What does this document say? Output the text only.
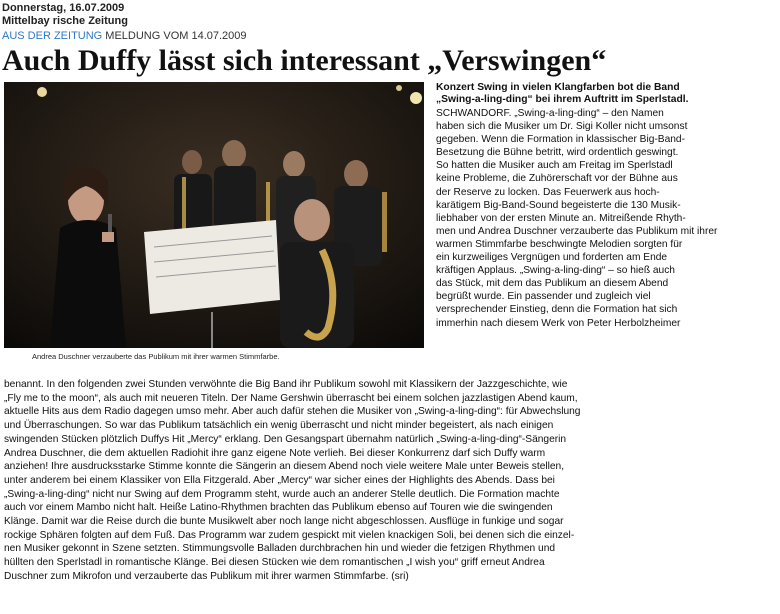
Donnerstag, 16.07.2009
Mittelbay rische Zeitung
AUS DER ZEITUNG MELDUNG VOM 14.07.2009
Auch Duffy lässt sich interessant „Verswingen“
Andrea Duschner verzauberte das Publikum mit ihrer warmen Stimmfarbe.
Konzert Swing in vielen Klangfarben bot die Band
„Swing-a-ling-ding“ bei ihrem Auftritt im Sperlstadl.

SCHWANDORF. „Swing-a-ling-ding“ – den Namen

haben sich die Musiker um Dr. Sigi Koller nicht umsonst

gegeben. Wenn die Formation in klassischer Big-Band-

Besetzung die Bühne betritt, wird ordentlich geswingt.

So hatten die Musiker auch am Freitag im Sperlstadl

keine Probleme, die Zuhörerschaft vor der Bühne aus

der Reserve zu locken. Das Feuerwerk aus hoch-

karätigem Big-Band-Sound begeisterte die 130 Musik-

liebhaber von der ersten Minute an. Mitreißende Rhyth-

men und Andrea Duschner verzauberte das Publikum mit ihrer

warmen Stimmfarbe beschwingte Melodien sorgten für

ein kurzweiliges Vergnügen und forderten am Ende

kräftigen Applaus. „Swing-a-ling-ding“ – so hieß auch

das Stück, mit dem das Publikum an diesem Abend

begrüßt wurde. Ein passender und zugleich viel

versprechender Einstieg, denn die Formation hat sich

immerhin nach diesem Werk von Peter Herbolzheimer

benannt. In den folgenden zwei Stunden verwöhnte die Big Band ihr Publikum sowohl mit Klassikern der Jazzgeschichte, wie

„Fly me to the moon“, als auch mit neueren Titeln. Der Name Gershwin überrascht bei einem solchen jazzlastigen Abend kaum,

aktuelle Hits aus dem Radio dagegen umso mehr. Aber auch dafür stehen die Musiker von „Swing-a-ling-ding“: für Abwechslung

und Überraschungen. So war das Publikum tatsächlich ein wenig überrascht und nicht minder begeistert, als nach einigen

swingenden Stücken plötzlich Duffys Hit „Mercy“ erklang. Den Gesangspart übernahm natürlich „Swing-a-ling-ding“-Sängerin

Andrea Duschner, die dem aktuellen Radiohit ihre ganz eigene Note verlieh. Bei dieser Konkurrenz darf sich Duffy warm

anziehen! Ihre ausdrucksstarke Stimme konnte die Sängerin an diesem Abend noch viele weitere Male unter Beweis stellen,

unter anderem bei einem Klassiker von Ella Fitzgerald. Aber „Mercy“ war sicher eines der Highlights des Abends. Dass bei

„Swing-a-ling-ding“ nicht nur Swing auf dem Programm steht, wurde auch an anderer Stelle deutlich. Die Formation machte

auch vor einem Mambo nicht halt. Heiße Latino-Rhythmen brachten das Publikum ebenso auf Touren wie die swingenden

Klänge. Damit war die Reise durch die bunte Musikwelt aber noch lange nicht abgeschlossen. Ausflüge in funkige und sogar

rockige Sphären folgten auf dem Fuß. Das Programm war zudem gespickt mit vielen knackigen Soli, bei denen sich die einzel-

nen Musiker gekonnt in Szene setzten. Stimmungsvolle Balladen durchbrachen hin und wieder die fetzigen Rhythmen und

hüllten den Sperlstadl in romantische Klänge. Bei diesen Stücken wie dem romantischen „I wish you“ griff erneut Andrea

Duschner zum Mikrofon und verzauberte das Publikum mit ihrer warmen Stimmfarbe. (sri)
